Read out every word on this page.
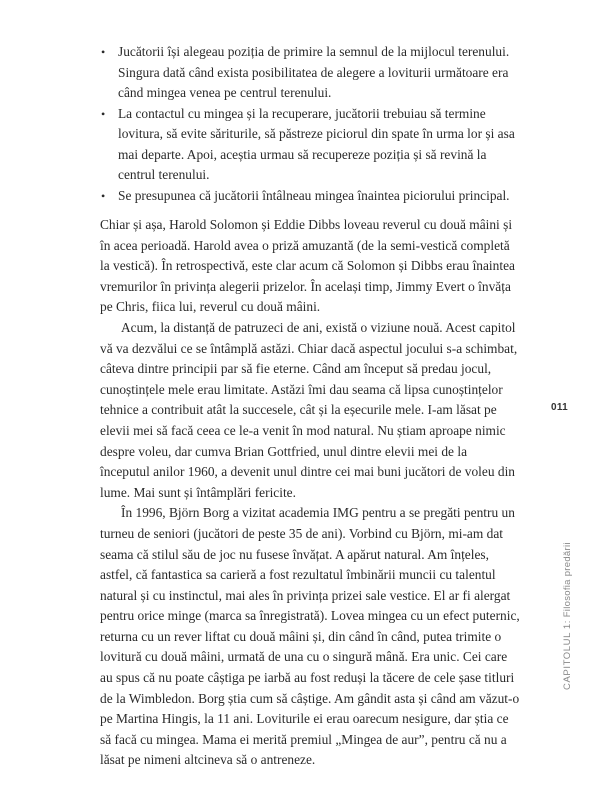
• Jucătorii își alegeau poziția de primire la semnul de la mijlocul terenului. Singura dată când exista posibilitatea de alegere a loviturii următoare era când mingea venea pe centrul terenului.
• La contactul cu mingea și la recuperare, jucătorii trebuiau să termine lovitura, să evite săriturile, să păstreze piciorul din spate în urma lor și asa mai departe. Apoi, aceștia urmau să recupereze poziția și să revină la centrul terenului.
• Se presupunea că jucătorii întâlneau mingea înaintea piciorului principal.

Chiar și așa, Harold Solomon și Eddie Dibbs loveau reverul cu două mâini și în acea perioadă. Harold avea o priză amuzantă (de la semi-vestică completă la vestică). În retrospectivă, este clar acum că Solomon și Dibbs erau înaintea vremurilor în privința alegerii prizelor. În același timp, Jimmy Evert o învăța pe Chris, fiica lui, reverul cu două mâini.

Acum, la distanță de patruzeci de ani, există o viziune nouă. Acest capitol vă va dezvălui ce se întâmplă astăzi. Chiar dacă aspectul jocului s-a schimbat, câteva dintre principii par să fie eterne. Când am început să predau jocul, cunoștințele mele erau limitate. Astăzi îmi dau seama că lipsa cunoștințelor tehnice a contribuit atât la succesele, cât și la eșecurile mele. I-am lăsat pe elevii mei să facă ceea ce le-a venit în mod natural. Nu știam aproape nimic despre voleu, dar cumva Brian Gottfried, unul dintre elevii mei de la începutul anilor 1960, a devenit unul dintre cei mai buni jucători de voleu din lume. Mai sunt și întâmplări fericite.

În 1996, Björn Borg a vizitat academia IMG pentru a se pregăti pentru un turneu de seniori (jucători de peste 35 de ani). Vorbind cu Björn, mi-am dat seama că stilul său de joc nu fusese învățat. A apărut natural. Am înțeles, astfel, că fantastica sa carieră a fost rezultatul îmbinării muncii cu talentul natural și cu instinctul, mai ales în privința prizei sale vestice. El ar fi alergat pentru orice minge (marca sa înregistrată). Lovea mingea cu un efect puternic, returna cu un rever liftat cu două mâini și, din când în când, putea trimite o lovitură cu două mâini, urmată de una cu o singură mână. Era unic. Cei care au spus că nu poate câștiga pe iarbă au fost reduși la tăcere de cele șase titluri de la Wimbledon. Borg știa cum să câștige. Am gândit asta și când am văzut-o pe Martina Hingis, la 11 ani. Loviturile ei erau oarecum nesigure, dar știa ce să facă cu mingea. Mama ei merită premiul „Mingea de aur”, pentru că nu a lăsat pe nimeni altcineva să o antreneze.

011
CAPITOLUL 1: Filosofia predării
